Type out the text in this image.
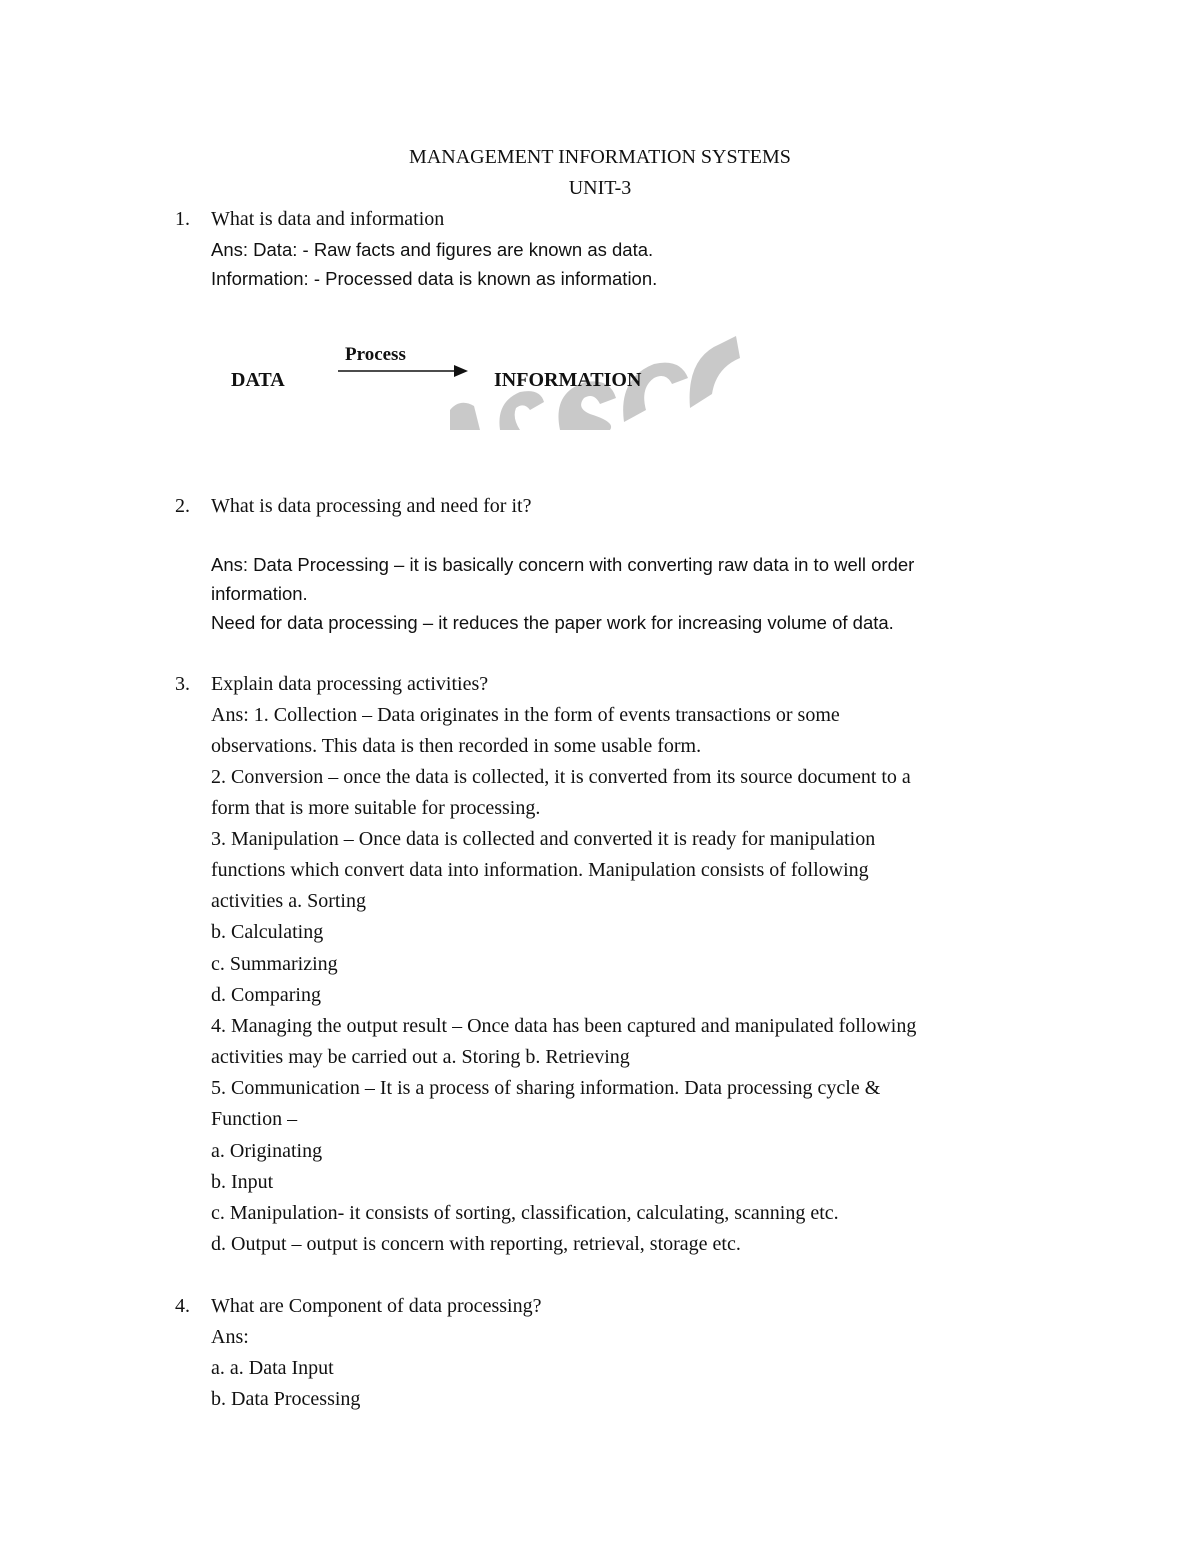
MANAGEMENT INFORMATION SYSTEMS
UNIT-3
1. What is data and information
Ans: Data: - Raw facts and figures are known as data.
Information: - Processed data is known as information.
DATA
Process
INFORMATION
2. What is data processing and need for it?
Ans: Data Processing – it is basically concern with converting raw data in to well order
information.
Need for data processing – it reduces the paper work for increasing volume of data.
3. Explain data processing activities?
Ans: 1. Collection – Data originates in the form of events transactions or some
observations. This data is then recorded in some usable form.
2. Conversion – once the data is collected, it is converted from its source document to a
form that is more suitable for processing.
3. Manipulation – Once data is collected and converted it is ready for manipulation
functions which convert data into information. Manipulation consists of following
activities a. Sorting
b. Calculating
c. Summarizing
d. Comparing
4. Managing the output result – Once data has been captured and manipulated following
activities may be carried out a. Storing b. Retrieving
5. Communication – It is a process of sharing information. Data processing cycle &
Function –
a. Originating
b. Input
c. Manipulation- it consists of sorting, classification, calculating, scanning etc.
d. Output – output is concern with reporting, retrieval, storage etc.
4. What are Component of data processing?
Ans:
a. a. Data Input
b. Data Processing
